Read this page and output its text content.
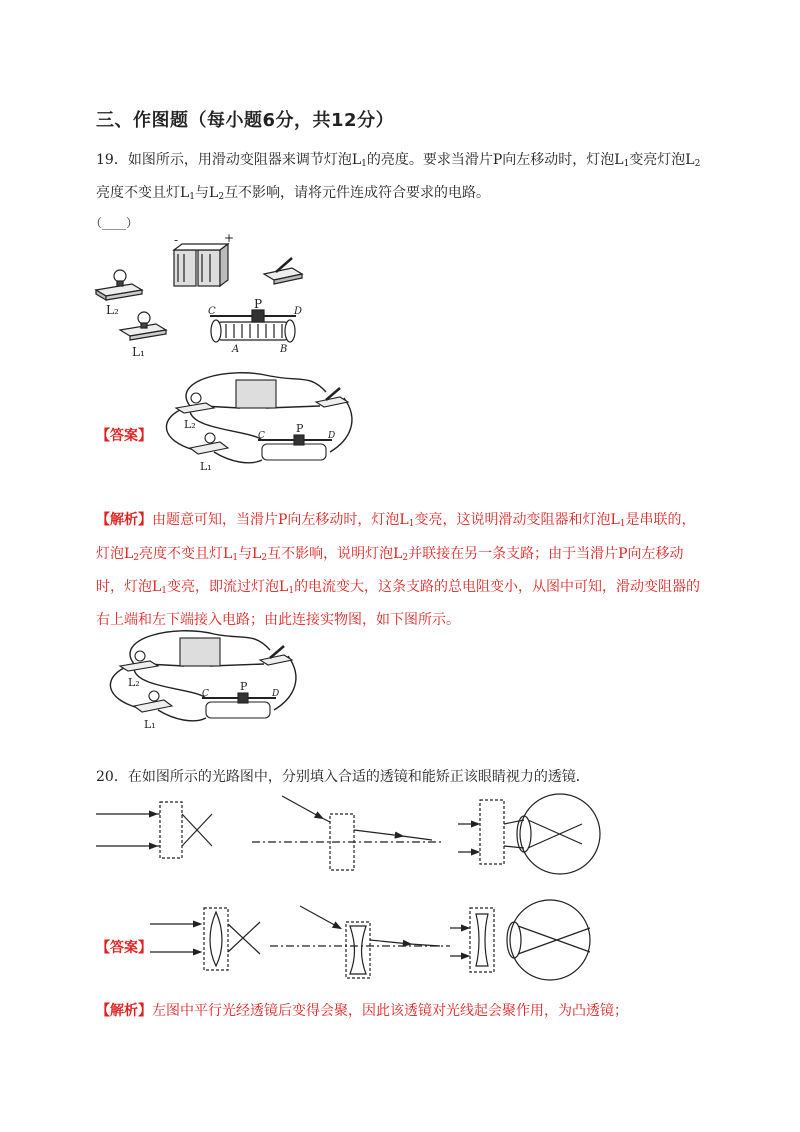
三、作图题（每小题6分，共12分）
19．如图所示，用滑动变阻器来调节灯泡$L_1$的亮度。要求当滑片P向左移动时，灯泡$L_1$变亮灯泡$L_2$
亮度不变且灯$L_1$与$L_2$互不影响，请将元件连成符合要求的电路。
（____）
L₂
L₁
P
C	D
A	B
-	+
【答案】
L₂
L₁
P
C	D
【解析】由题意可知，当滑片P向左移动时，灯泡$L_1$变亮，这说明滑动变阻器和灯泡$L_1$是串联的，
灯泡$L_2$亮度不变且灯$L_1$与$L_2$互不影响，说明灯泡$L_2$并联接在另一条支路；由于当滑片P向左移动
时，灯泡$L_1$变亮，即流过灯泡$L_1$的电流变大，这条支路的总电阻变小，从图中可知，滑动变阻器的
右上端和左下端接入电路；由此连接实物图，如下图所示。
L₂
L₁
P
C	D
20．在如图所示的光路图中，分别填入合适的透镜和能矫正该眼睛视力的透镜．
【答案】
【解析】左图中平行光经透镜后变得会聚，因此该透镜对光线起会聚作用，为凸透镜；
